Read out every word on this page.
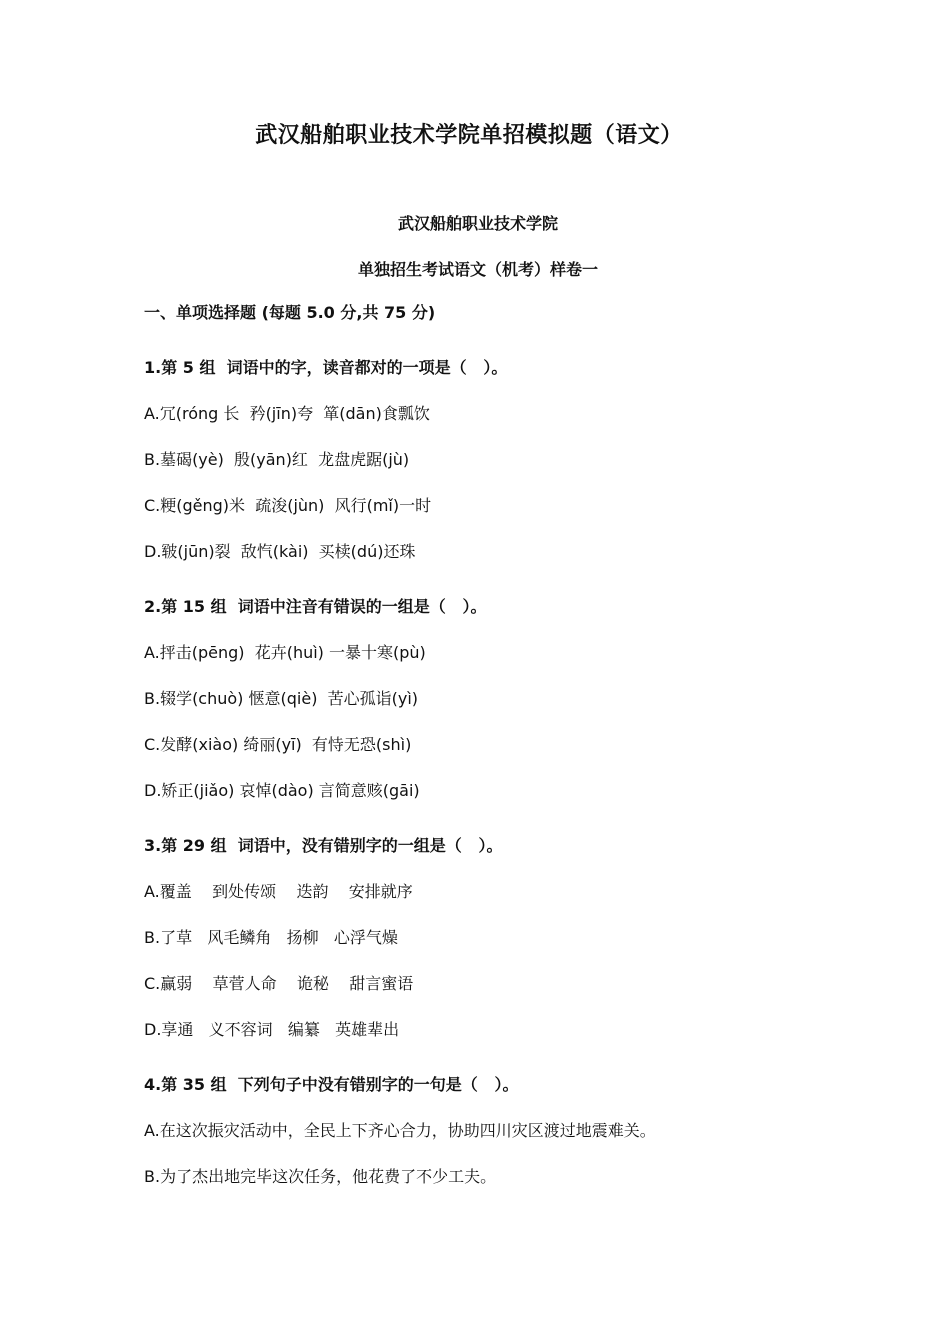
武汉船舶职业技术学院单招模拟题（语文）
武汉船舶职业技术学院
单独招生考试语文（机考）样卷一
一、单项选择题 (每题 5.0 分,共 75 分)
1.第 5 组  词语中的字，读音都对的一项是（   ）。
A.冗(róng 长  矜(jīn)夸  箪(dān)食瓢饮
B.墓碣(yè)  殷(yān)红  龙盘虎踞(jù)
C.粳(gěng)米  疏浚(jùn)  风行(mǐ)一时
D.皲(jūn)裂  敌忾(kài)  买椟(dú)还珠
2.第 15 组  词语中注音有错误的一组是（   ）。
A.抨击(pēng)  花卉(huì) 一暴十寒(pù)
B.辍学(chuò) 惬意(qiè)  苦心孤诣(yì)
C.发酵(xiào) 绮丽(yī)  有恃无恐(shì)
D.矫正(jiǎo) 哀悼(dào) 言简意赅(gāi)
3.第 29 组  词语中，没有错别字的一组是（   ）。
A.覆盖    到处传颂    迭韵    安排就序
B.了草   风毛鳞角   扬柳   心浮气燥
C.赢弱    草菅人命    诡秘    甜言蜜语
D.享通   义不容词   编纂   英雄辈出
4.第 35 组  下列句子中没有错别字的一句是（   ）。
A.在这次振灾活动中，全民上下齐心合力，协助四川灾区渡过地震难关。
B.为了杰出地完毕这次任务，他花费了不少工夫。
